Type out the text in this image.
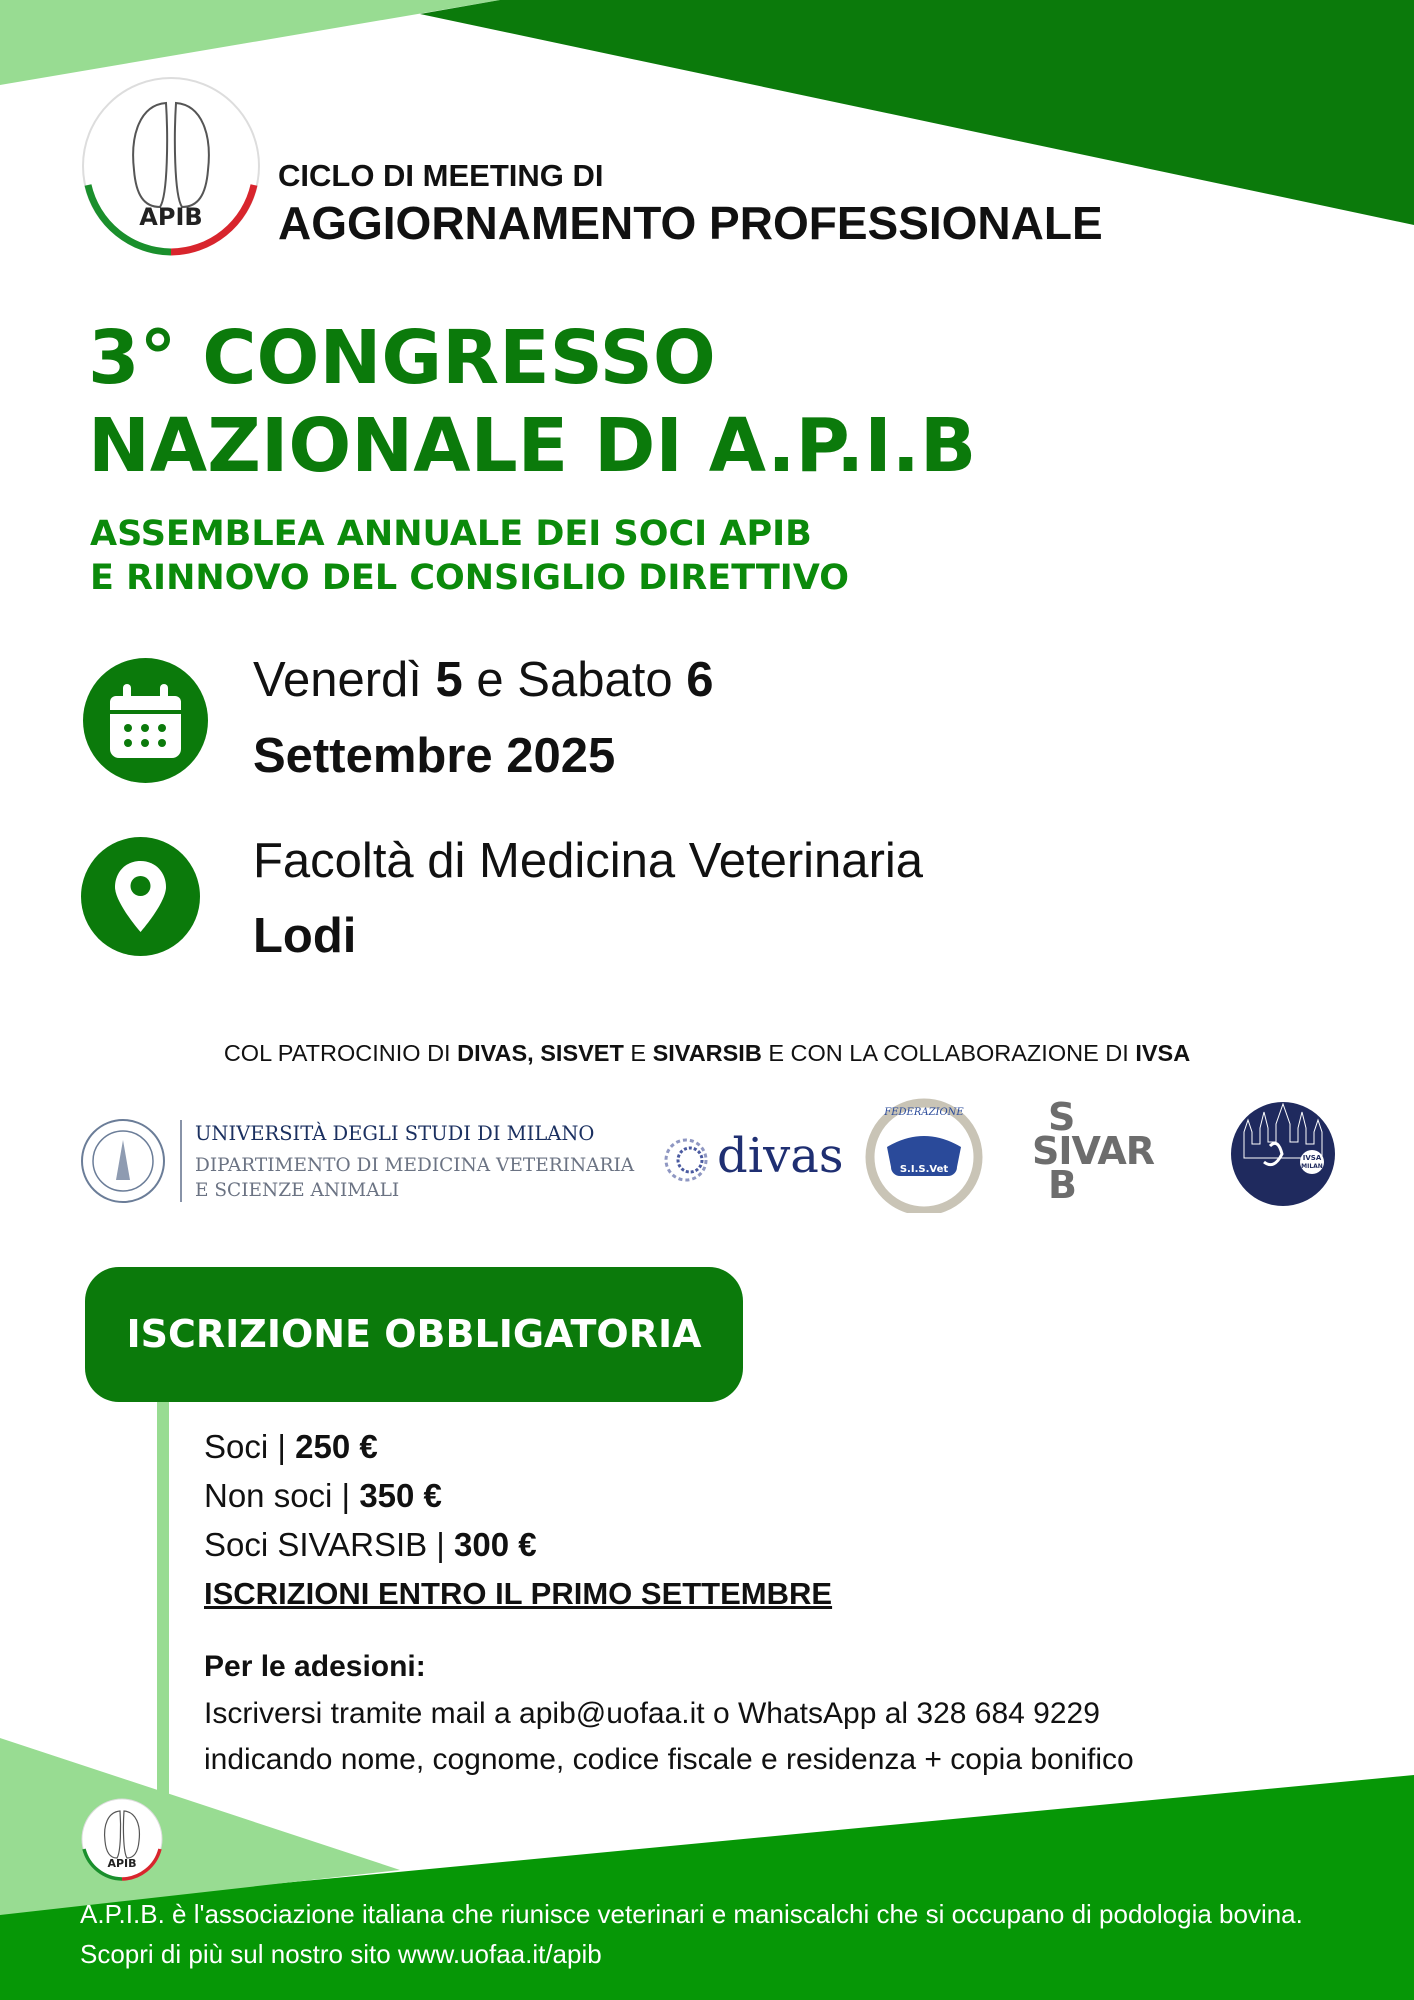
APIB
CICLO DI MEETING DI
AGGIORNAMENTO PROFESSIONALE
3° CONGRESSO
NAZIONALE DI A.P.I.B
ASSEMBLEA ANNUALE DEI SOCI APIB
E RINNOVO DEL CONSIGLIO DIRETTIVO
Venerdì 5 e Sabato 6
Settembre 2025
Facoltà di Medicina Veterinaria
Lodi
COL PATROCINIO DI DIVAS, SISVET E SIVARSIB E CON LA COLLABORAZIONE DI IVSA
UNIVERSITÀ DEGLI STUDI DI MILANO
DIPARTIMENTO DI MEDICINA VETERINARIA
E SCIENZE ANIMALI
divas	S.I.S.Vet
FEDERAZIONE S
SIVAR
B
IVSA
MILAN
ISCRIZIONE OBBLIGATORIA
Soci | 250 €
Non soci | 350 €
Soci SIVARSIB | 300 €
ISCRIZIONI ENTRO IL PRIMO SETTEMBRE
Per le adesioni:
Iscriversi tramite mail a apib@uofaa.it o WhatsApp al 328 684 9229
indicando nome, cognome, codice fiscale e residenza + copia bonifico
APIB
A.P.I.B. è l'associazione italiana che riunisce veterinari e maniscalchi che si occupano di podologia bovina. Scopri di più sul nostro sito www.uofaa.it/apib
